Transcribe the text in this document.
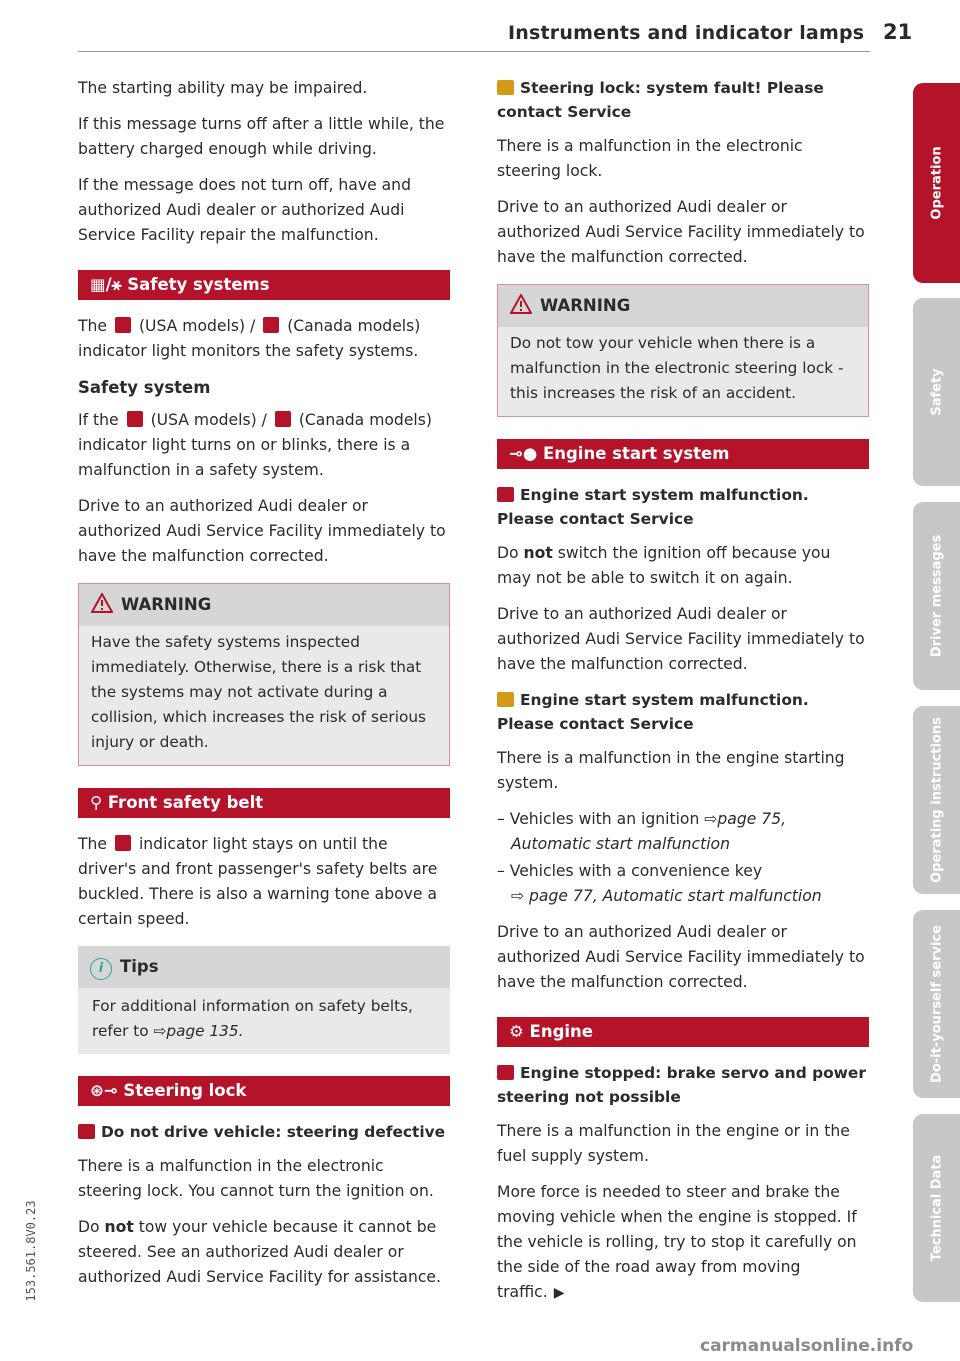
Instruments and indicator lamps 21

The starting ability may be impaired.

If this message turns off after a little while, the battery charged enough while driving.

If the message does not turn off, have and authorized Audi dealer or authorized Audi Service Facility repair the malfunction.

▦/⚹ Safety systems

The (USA models) / (Canada models) indicator light monitors the safety systems.

Safety system

If the (USA models) / (Canada models) indicator light turns on or blinks, there is a malfunction in a safety system.

Drive to an authorized Audi dealer or authorized Audi Service Facility immediately to have the malfunction corrected.

WARNING
Have the safety systems inspected immediately. Otherwise, there is a risk that the systems may not activate during a collision, which increases the risk of serious injury or death.
⚲ Front safety belt

The indicator light stays on until the driver's and front passenger's safety belts are buckled. There is also a warning tone above a certain speed.

i Tips
For additional information on safety belts, refer to ⇨page 135.
⊛⊸ Steering lock
Do not drive vehicle: steering defective

There is a malfunction in the electronic steering lock. You cannot turn the ignition on.

Do not tow your vehicle because it cannot be steered. See an authorized Audi dealer or authorized Audi Service Facility for assistance.

Steering lock: system fault! Please contact Service

There is a malfunction in the electronic steering lock.

Drive to an authorized Audi dealer or authorized Audi Service Facility immediately to have the malfunction corrected.

WARNING
Do not tow your vehicle when there is a malfunction in the electronic steering lock - this increases the risk of an accident.
⊸● Engine start system
Engine start system malfunction. Please contact Service

Do not switch the ignition off because you may not be able to switch it on again.

Drive to an authorized Audi dealer or authorized Audi Service Facility immediately to have the malfunction corrected.

Engine start system malfunction. Please contact Service

There is a malfunction in the engine starting system.

– Vehicles with an ignition ⇨page 75, Automatic start malfunction
– Vehicles with a convenience key
⇨ page 77, Automatic start malfunction

Drive to an authorized Audi dealer or authorized Audi Service Facility immediately to have the malfunction corrected.

⚙ Engine
Engine stopped: brake servo and power steering not possible

There is a malfunction in the engine or in the fuel supply system.

More force is needed to steer and brake the moving vehicle when the engine is stopped. If the vehicle is rolling, try to stop it carefully on the side of the road away from moving traffic. ▶

Operation
Safety
Driver messages
Operating instructions
Do-it-yourself service
Technical Data
153.561.8V0.23
carmanualsonline.info
